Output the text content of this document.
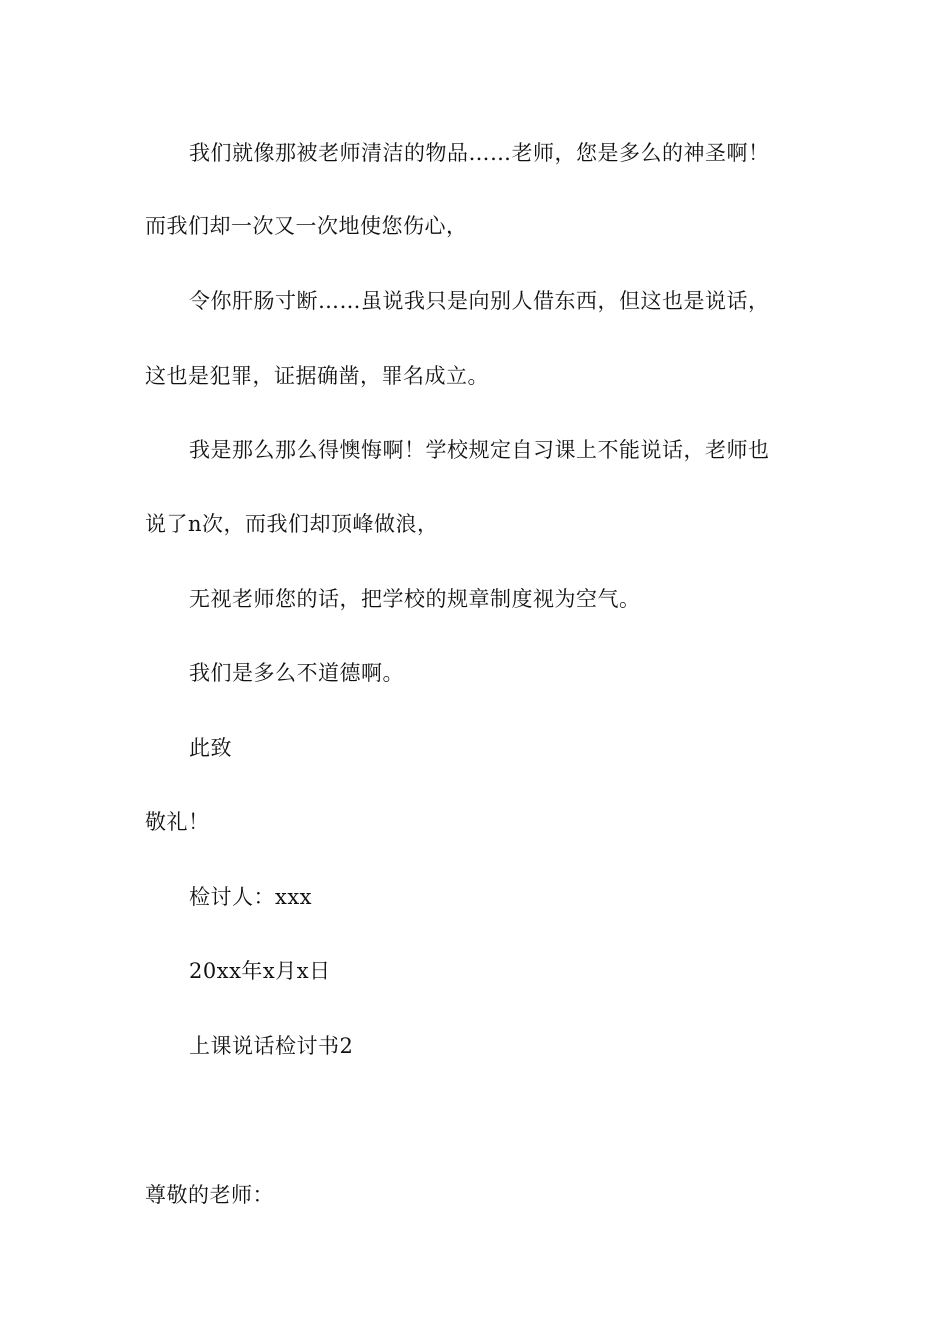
我们就像那被老师清洁的物品……老师，您是多么的神圣啊！
而我们却一次又一次地使您伤心，
令你肝肠寸断……虽说我只是向别人借东西，但这也是说话，
这也是犯罪，证据确凿，罪名成立。
我是那么那么得懊悔啊！学校规定自习课上不能说话，老师也
说了n次，而我们却顶峰做浪，
无视老师您的话，把学校的规章制度视为空气。
我们是多么不道德啊。
此致
敬礼！
检讨人：xxx
20xx年x月x日
上课说话检讨书2
尊敬的老师：
